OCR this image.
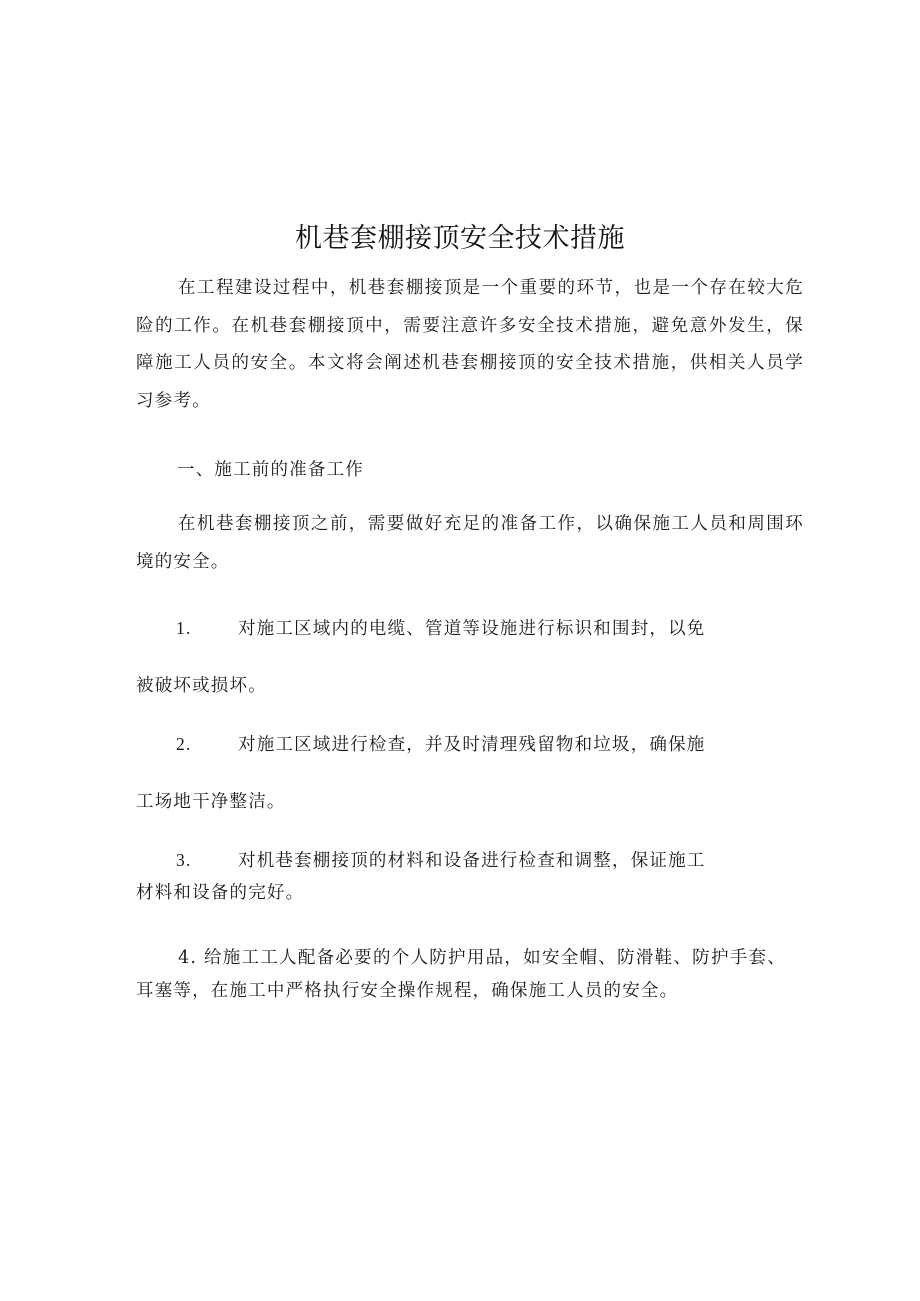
机巷套棚接顶安全技术措施
在工程建设过程中，机巷套棚接顶是一个重要的环节，也是一个存在较大危险的工作。在机巷套棚接顶中，需要注意许多安全技术措施，避免意外发生，保障施工人员的安全。本文将会阐述机巷套棚接顶的安全技术措施，供相关人员学习参考。
一、施工前的准备工作
在机巷套棚接顶之前，需要做好充足的准备工作，以确保施工人员和周围环境的安全。
1.	对施工区域内的电缆、管道等设施进行标识和围封，以免
被破坏或损坏。
2.	对施工区域进行检查，并及时清理残留物和垃圾，确保施
工场地干净整洁。
3.	对机巷套棚接顶的材料和设备进行检查和调整，保证施工
材料和设备的完好。
4. 给施工工人配备必要的个人防护用品，如安全帽、防滑鞋、防护手套、耳塞等，在施工中严格执行安全操作规程，确保施工人员的安全。
